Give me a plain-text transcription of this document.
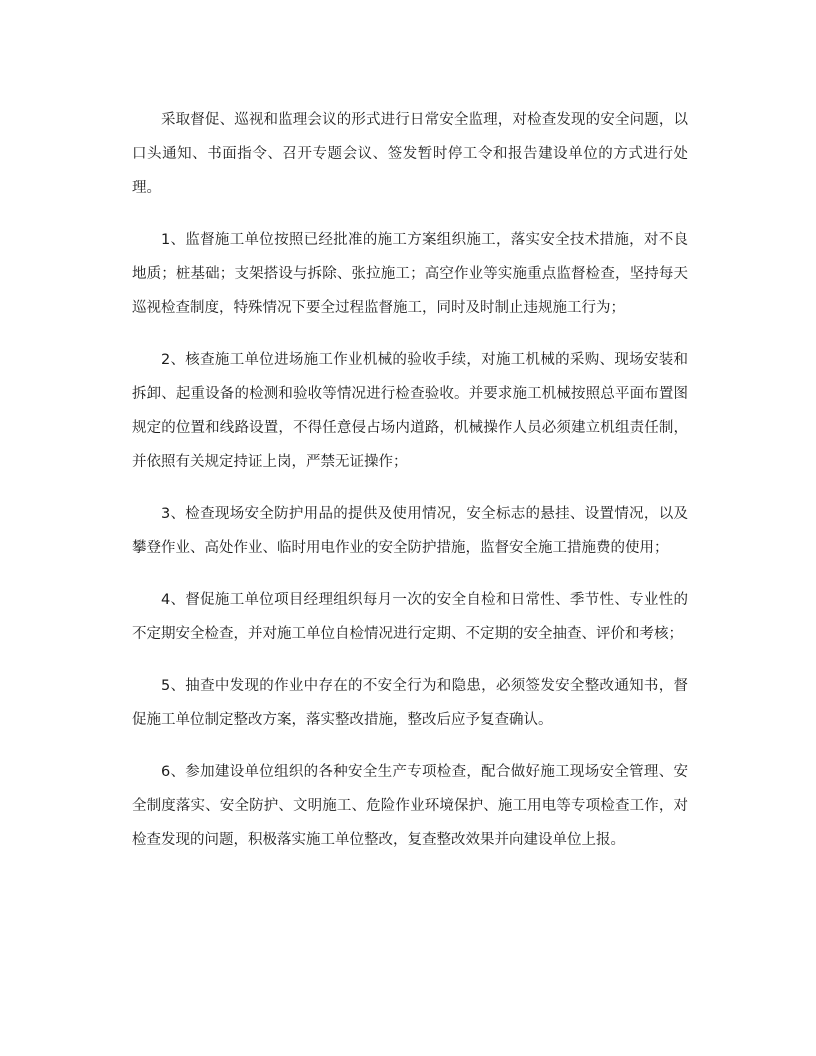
采取督促、巡视和监理会议的形式进行日常安全监理，对检查发现的安全问题，以口头通知、书面指令、召开专题会议、签发暂时停工令和报告建设单位的方式进行处理。

1、监督施工单位按照已经批准的施工方案组织施工，落实安全技术措施，对不良地质；桩基础；支架搭设与拆除、张拉施工；高空作业等实施重点监督检查，坚持每天巡视检查制度，特殊情况下要全过程监督施工，同时及时制止违规施工行为；

2、核查施工单位进场施工作业机械的验收手续，对施工机械的采购、现场安装和拆卸、起重设备的检测和验收等情况进行检查验收。并要求施工机械按照总平面布置图规定的位置和线路设置，不得任意侵占场内道路，机械操作人员必须建立机组责任制，并依照有关规定持证上岗，严禁无证操作；

3、检查现场安全防护用品的提供及使用情况，安全标志的悬挂、设置情况，以及攀登作业、高处作业、临时用电作业的安全防护措施，监督安全施工措施费的使用；

4、督促施工单位项目经理组织每月一次的安全自检和日常性、季节性、专业性的不定期安全检查，并对施工单位自检情况进行定期、不定期的安全抽查、评价和考核；

5、抽查中发现的作业中存在的不安全行为和隐患，必须签发安全整改通知书，督促施工单位制定整改方案，落实整改措施，整改后应予复查确认。

6、参加建设单位组织的各种安全生产专项检查，配合做好施工现场安全管理、安全制度落实、安全防护、文明施工、危险作业环境保护、施工用电等专项检查工作，对检查发现的问题，积极落实施工单位整改，复查整改效果并向建设单位上报。
